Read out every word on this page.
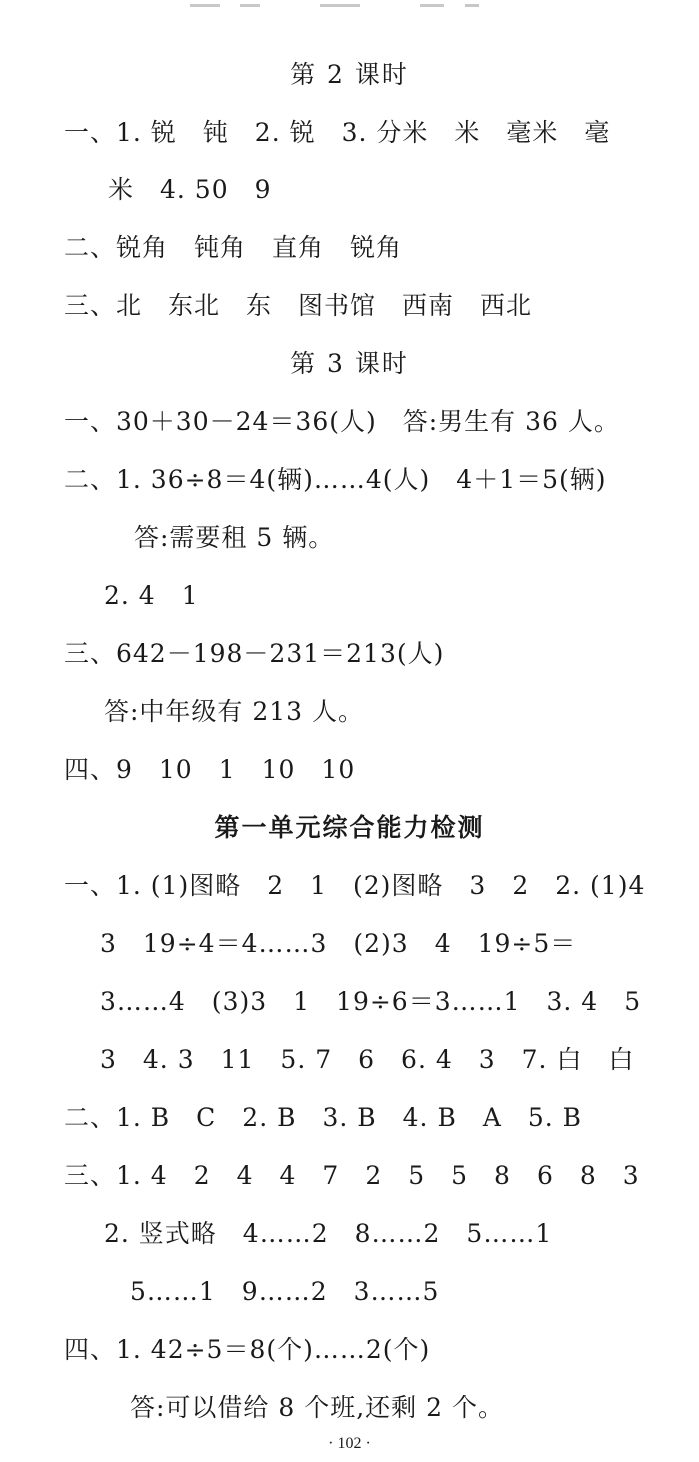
第 2 课时
一、1. 锐　钝　2. 锐　3. 分米　米　毫米　毫
米　4. 50　9
二、锐角　钝角　直角　锐角
三、北　东北　东　图书馆　西南　西北
第 3 课时
一、30＋30－24＝36(人)　答:男生有 36 人。
二、1. 36÷8＝4(辆)……4(人)　4＋1＝5(辆)
答:需要租 5 辆。
2. 4　1
三、642－198－231＝213(人)
答:中年级有 213 人。
四、9　10　1　10　10
第一单元综合能力检测
一、1. (1)图略　2　1　(2)图略　3　2　2. (1)4
3　19÷4＝4……3　(2)3　4　19÷5＝
3……4　(3)3　1　19÷6＝3……1　3. 4　5
3　4. 3　11　5. 7　6　6. 4　3　7. 白　白
二、1. B　C　2. B　3. B　4. B　A　5. B
三、1. 4　2　4　4　7　2　5　5　8　6　8　3
2. 竖式略　4……2　8……2　5……1
5……1　9……2　3……5
四、1. 42÷5＝8(个)……2(个)
答:可以借给 8 个班,还剩 2 个。
· 102 ·
